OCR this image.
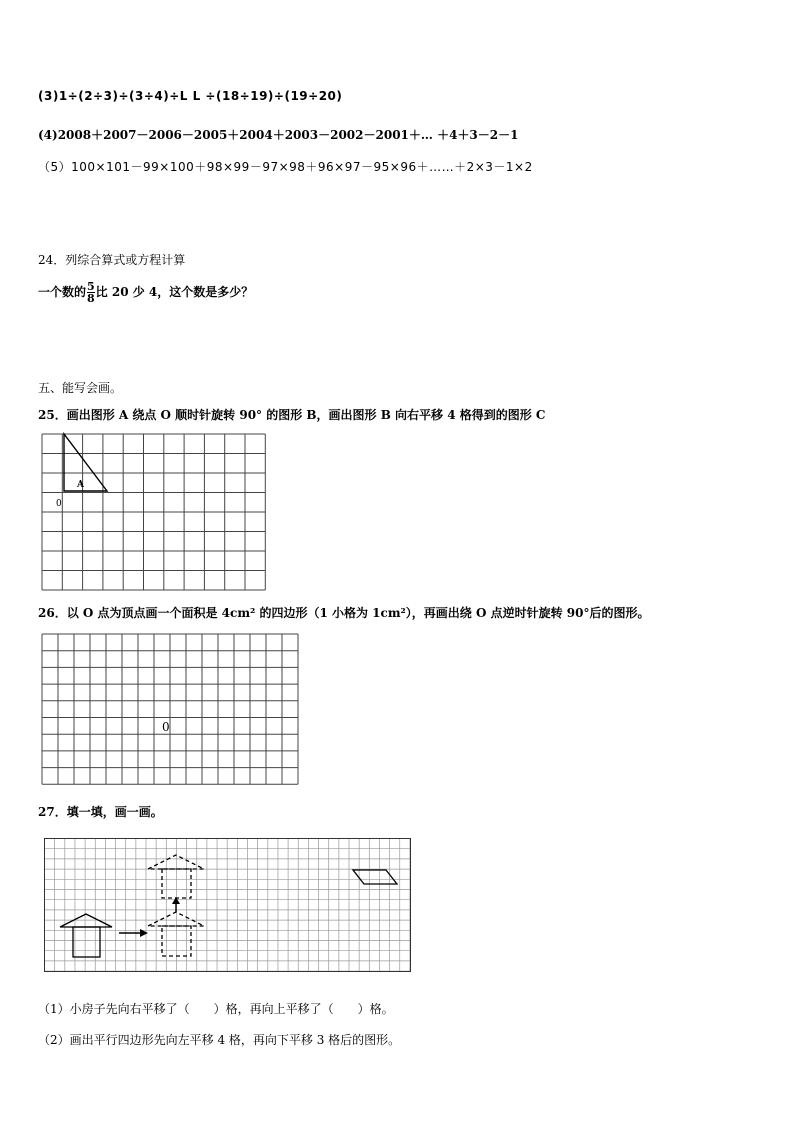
(3)1÷(2÷3)÷(3÷4)÷L L ÷(18÷19)÷(19÷20)
(4)2008＋2007－2006－2005＋2004＋2003－2002－2001＋… ＋4＋3－2－1
（5）100×101－99×100＋98×99－97×98＋96×97－95×96＋……＋2×3－1×2
24．列综合算式或方程计算
一个数的 $\frac{5}{8}$ 比 20 少 4，这个数是多少？
五、能写会画。
25．画出图形 A 绕点 O 顺时针旋转 90° 的图形 B，画出图形 B 向右平移 4 格得到的图形 C
A
0
26．以 O 点为顶点画一个面积是 4cm² 的四边形（1 小格为 1cm²），再画出绕 O 点逆时针旋转 90°后的图形。
0
27．填一填，画一画。
（1）小房子先向右平移了（　　）格，再向上平移了（　　）格。
（2）画出平行四边形先向左平移 4 格，再向下平移 3 格后的图形。
